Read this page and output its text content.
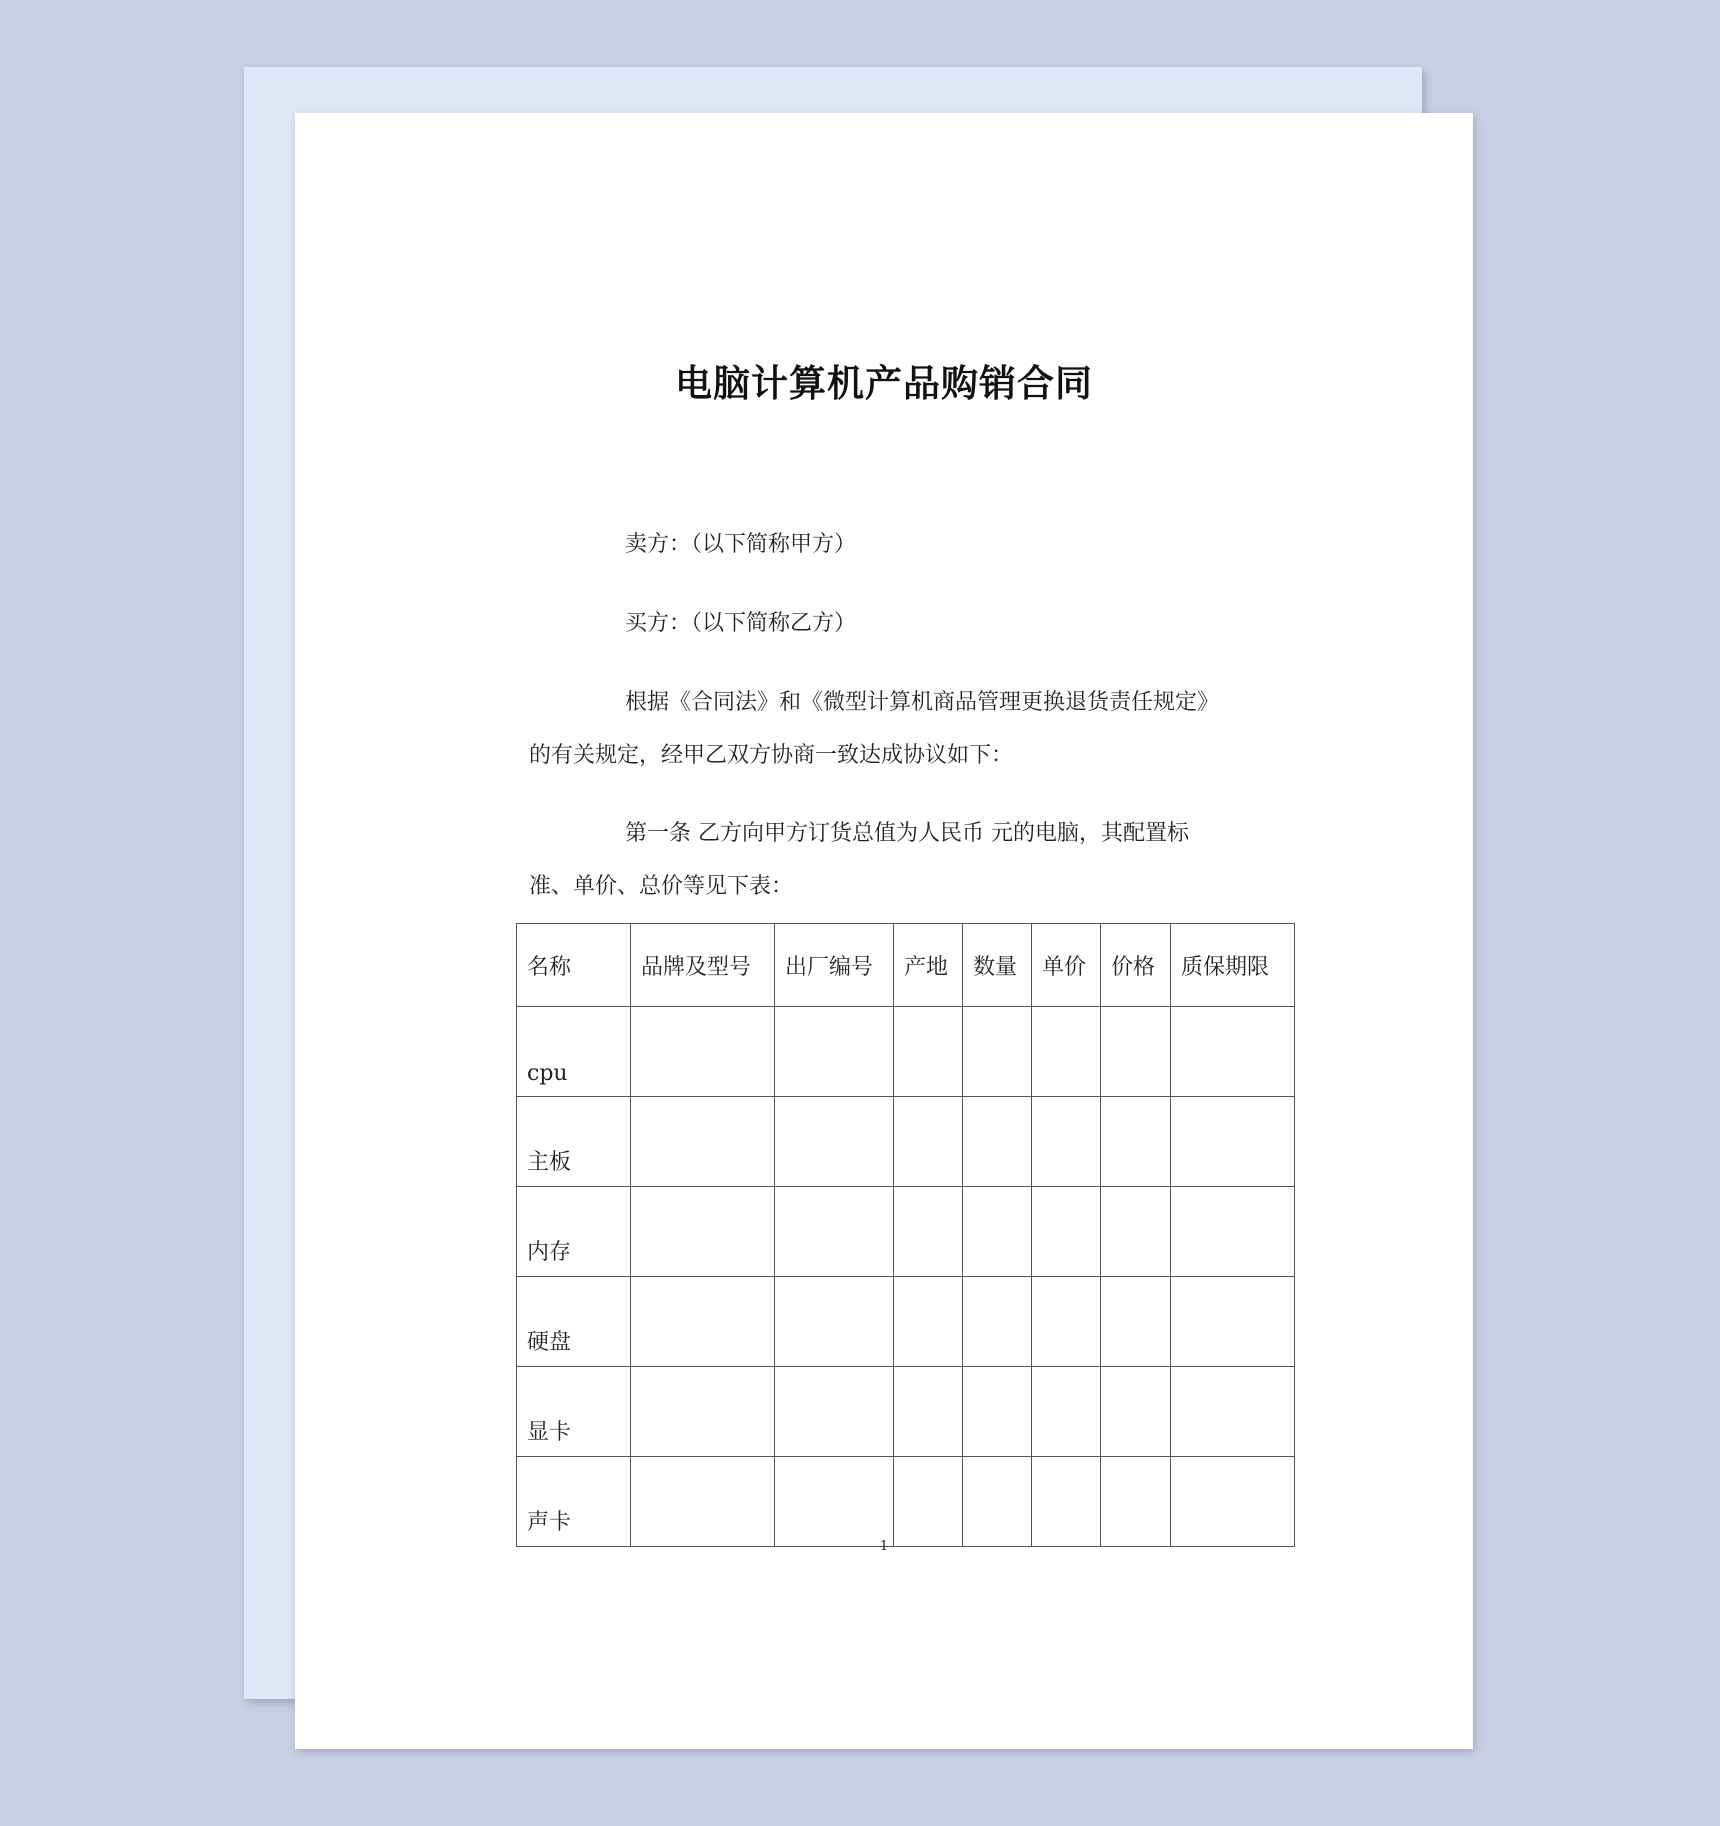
电脑计算机产品购销合同
卖方：（以下简称甲方）
买方：（以下简称乙方）
根据《合同法》和《微型计算机商品管理更换退货责任规定》
的有关规定，经甲乙双方协商一致达成协议如下：
第一条 乙方向甲方订货总值为人民币 元的电脑，其配置标
准、单价、总价等见下表：
名称	品牌及型号	出厂编号	产地	数量	单价	价格	质保期限
cpu							
主板							
内存							
硬盘							
显卡							
声卡							
1
